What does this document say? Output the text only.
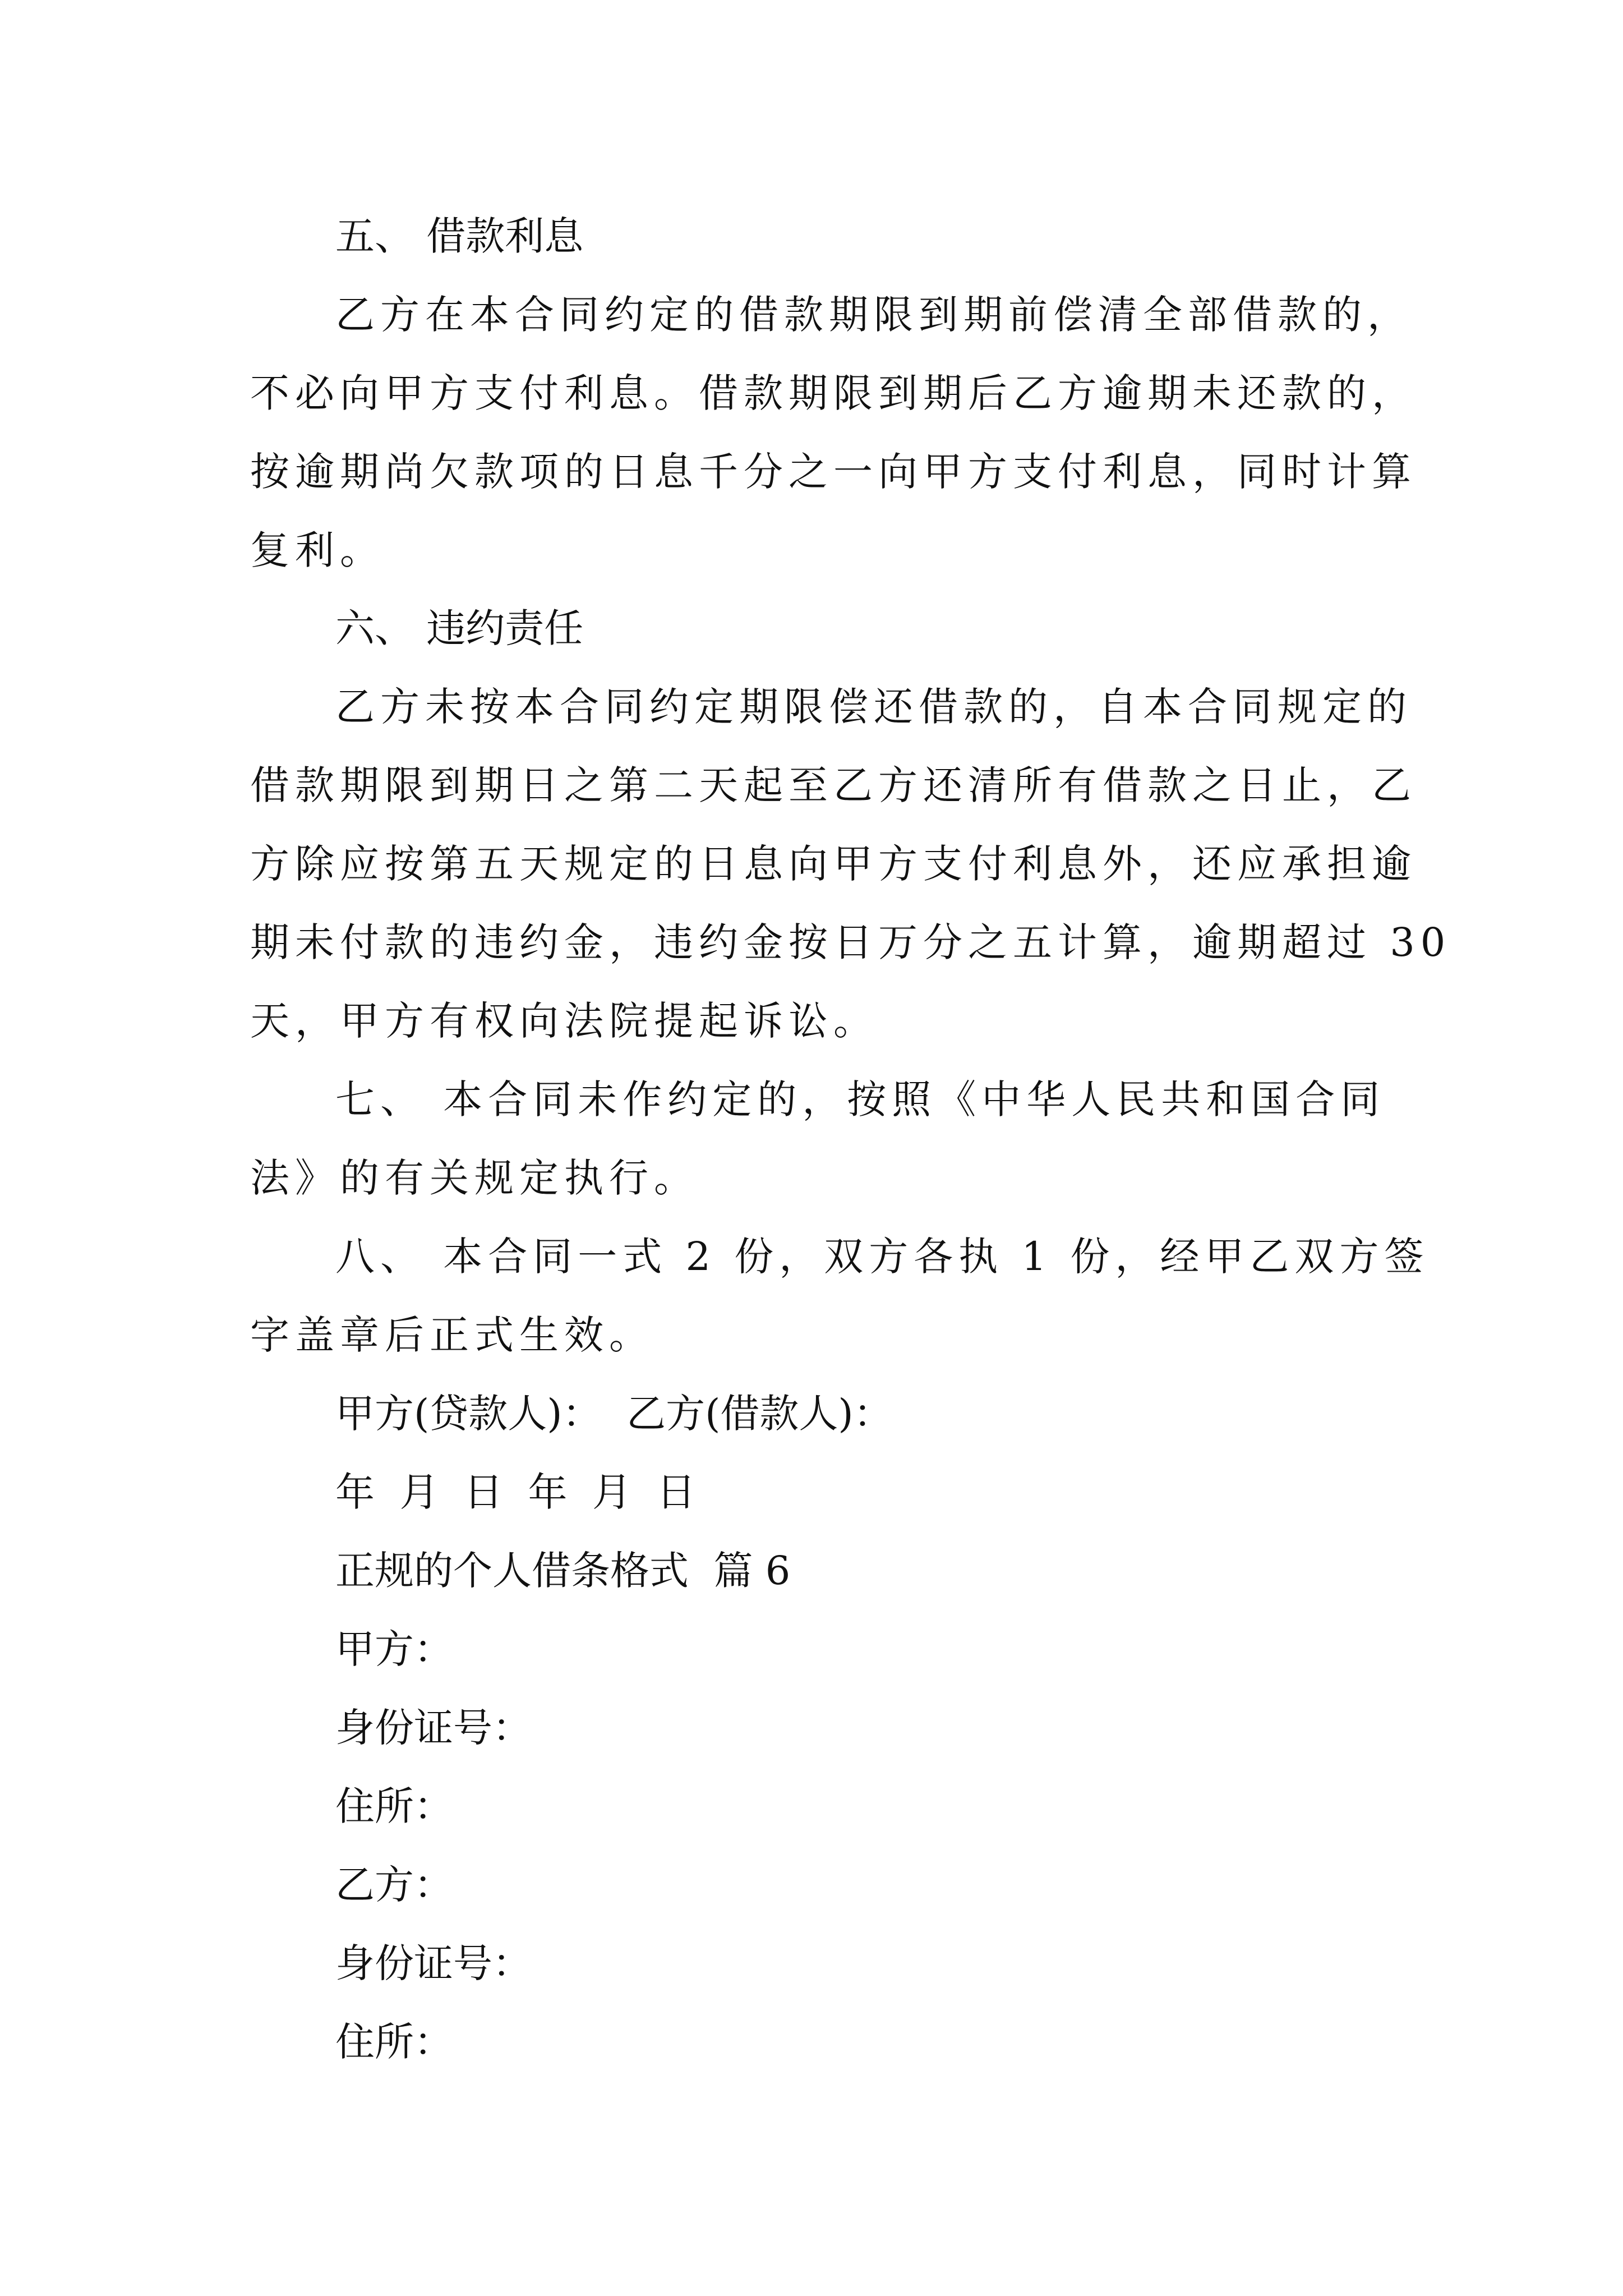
五、 借款利息
乙方在本合同约定的借款期限到期前偿清全部借款的，
不必向甲方支付利息。借款期限到期后乙方逾期未还款的，
按逾期尚欠款项的日息千分之一向甲方支付利息，同时计算
复利。
六、 违约责任
乙方未按本合同约定期限偿还借款的，自本合同规定的
借款期限到期日之第二天起至乙方还清所有借款之日止，乙
方除应按第五天规定的日息向甲方支付利息外，还应承担逾
期未付款的违约金，违约金按日万分之五计算，逾期超过 30
天，甲方有权向法院提起诉讼。
七、 本合同未作约定的，按照《中华人民共和国合同
法》的有关规定执行。
八、 本合同一式 2 份，双方各执 1 份，经甲乙双方签
字盖章后正式生效。
甲方(贷款人)：  乙方(借款人)：
年  月  日  年  月  日
正规的个人借条格式  篇 6
甲方：
身份证号：
住所：
乙方：
身份证号：
住所：
